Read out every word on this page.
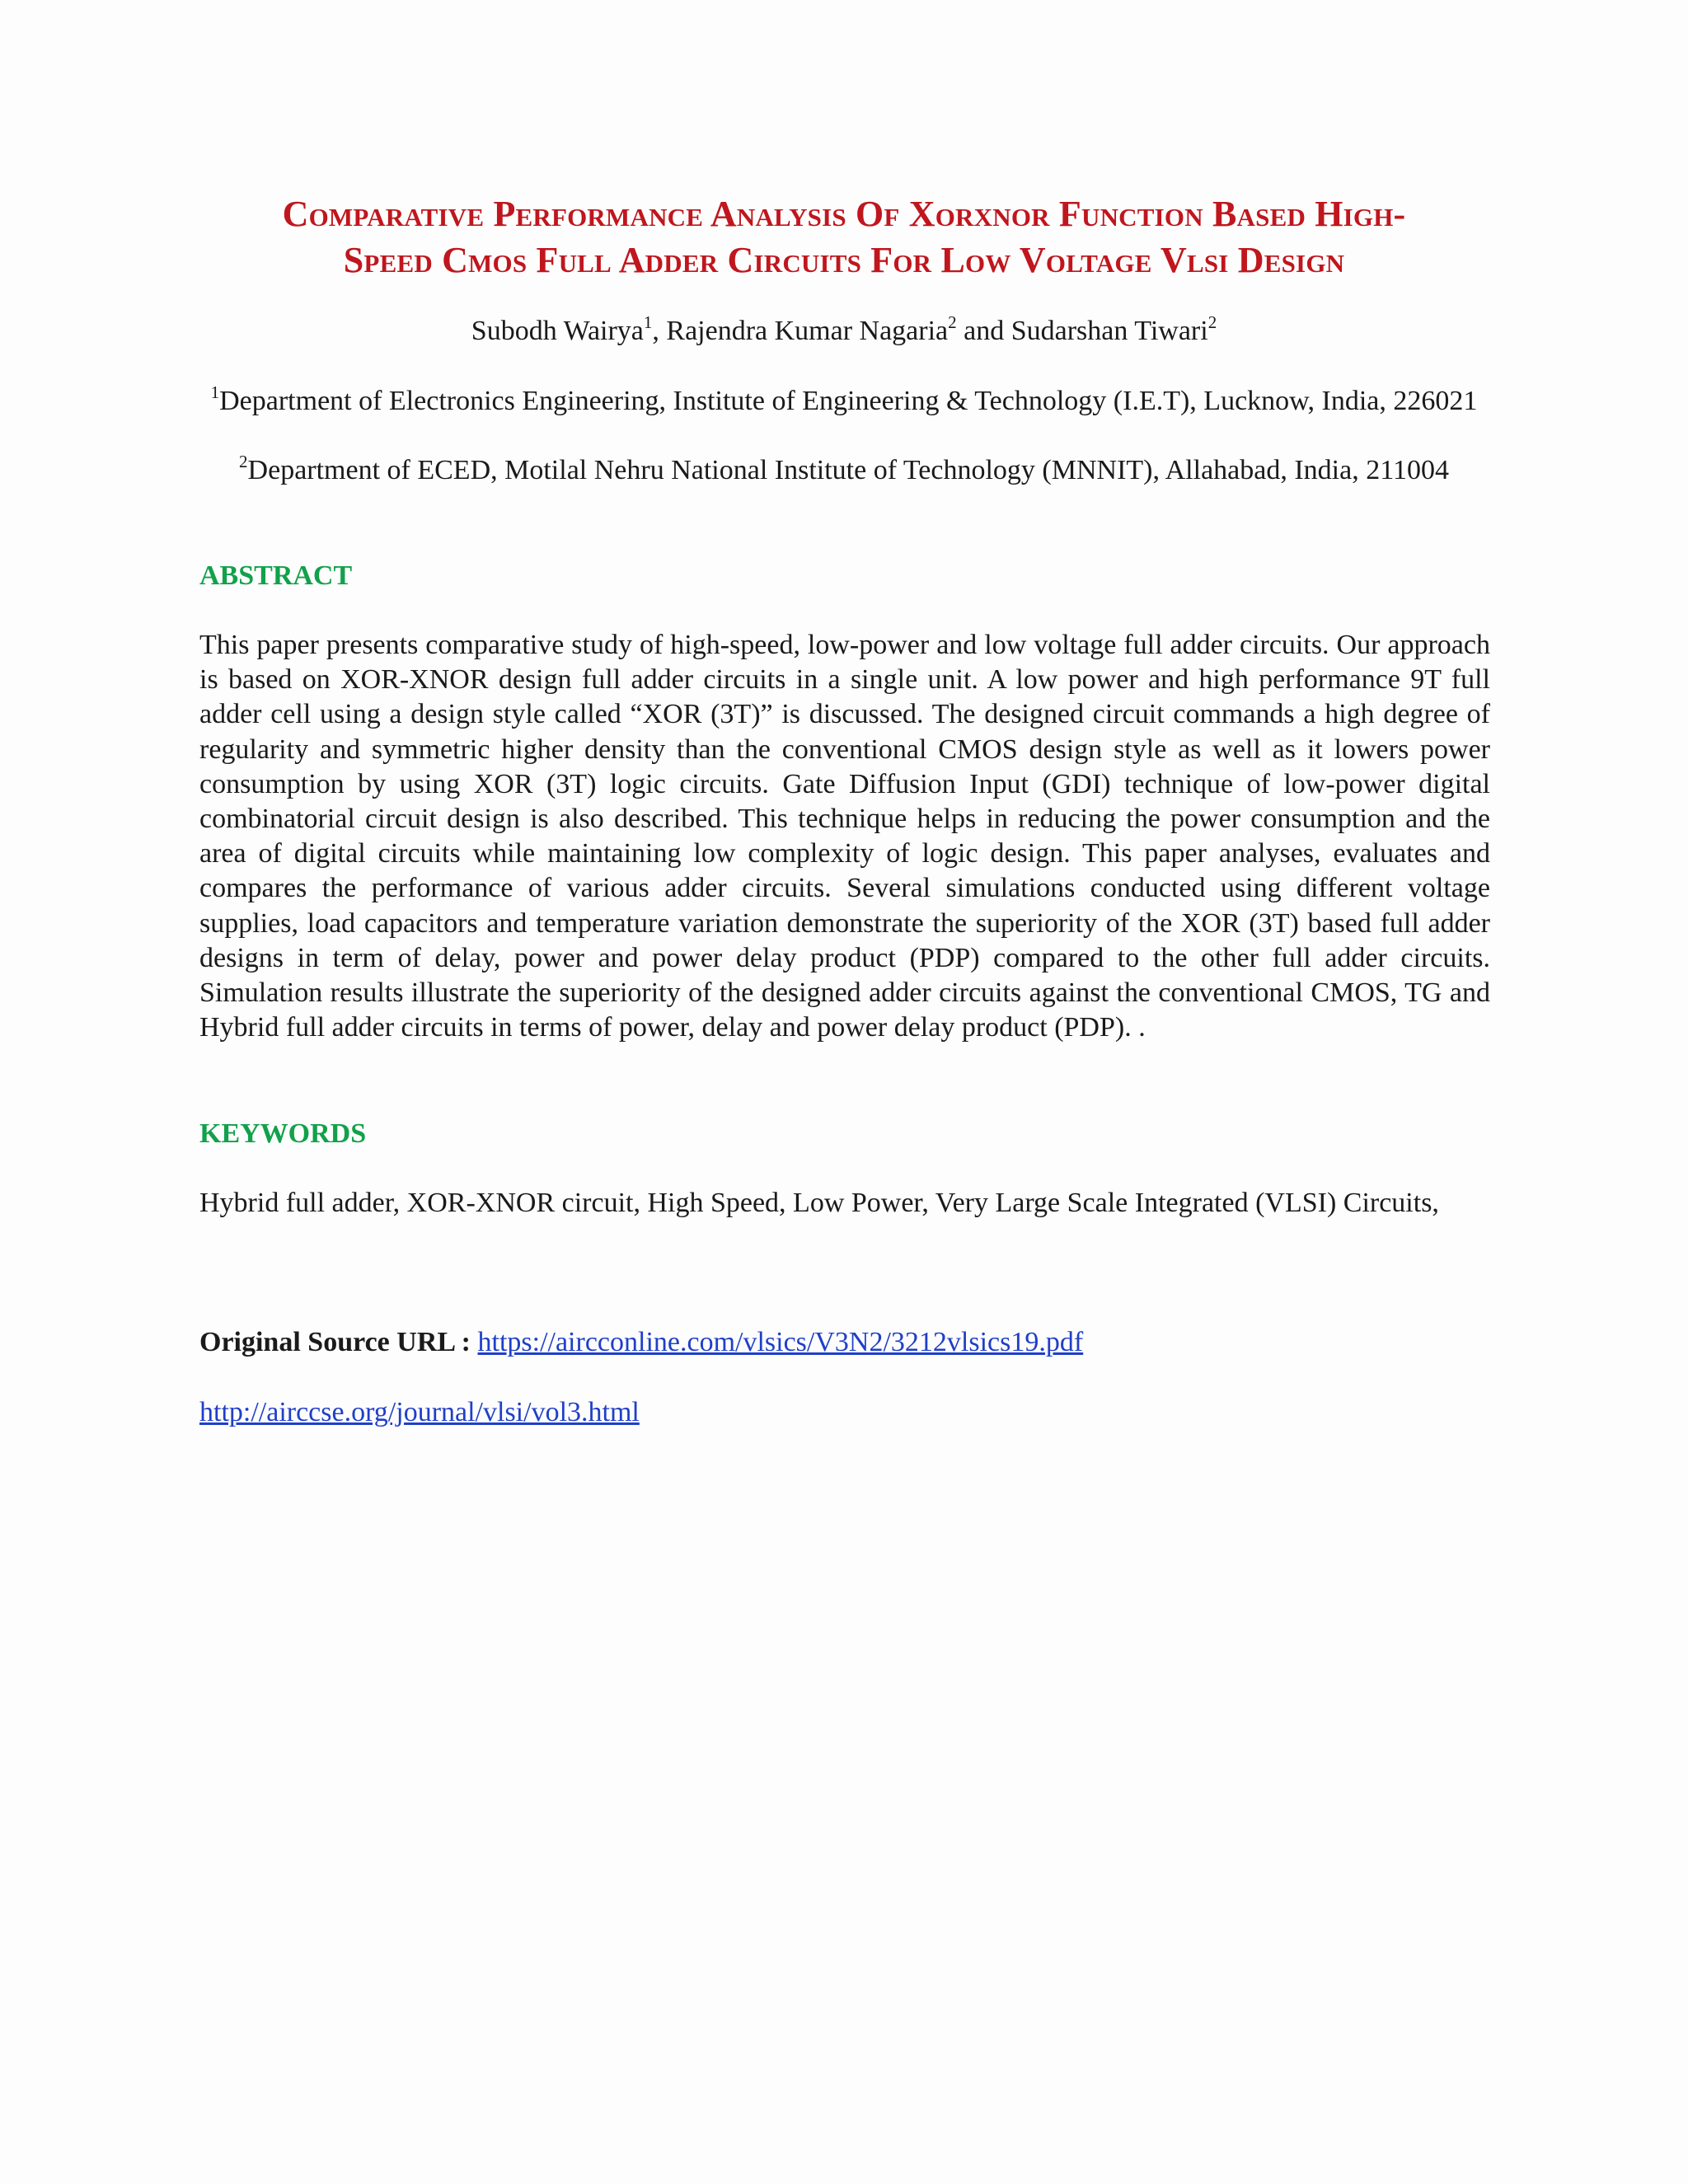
Comparative Performance Analysis Of Xorxnor Function Based High-
Speed Cmos Full Adder Circuits For Low Voltage Vlsi Design
Subodh Wairya$^1$, Rajendra Kumar Nagaria$^2$ and Sudarshan Tiwari$^2$
$^1$Department of Electronics Engineering, Institute of Engineering & Technology (I.E.T), Lucknow, India, 226021
$^2$Department of ECED, Motilal Nehru National Institute of Technology (MNNIT), Allahabad, India, 211004
ABSTRACT
This paper presents comparative study of high-speed, low-power and low voltage full adder circuits. Our approach is based on XOR-XNOR design full adder circuits in a single unit. A low power and high performance 9T full adder cell using a design style called “XOR (3T)” is discussed. The designed circuit commands a high degree of regularity and symmetric higher density than the conventional CMOS design style as well as it lowers power consumption by using XOR (3T) logic circuits. Gate Diffusion Input (GDI) technique of low-power digital combinatorial circuit design is also described. This technique helps in reducing the power consumption and the area of digital circuits while maintaining low complexity of logic design. This paper analyses, evaluates and compares the performance of various adder circuits. Several simulations conducted using different voltage supplies, load capacitors and temperature variation demonstrate the superiority of the XOR (3T) based full adder designs in term of delay, power and power delay product (PDP) compared to the other full adder circuits. Simulation results illustrate the superiority of the designed adder circuits against the conventional CMOS, TG and Hybrid full adder circuits in terms of power, delay and power delay product (PDP). .
KEYWORDS
Hybrid full adder, XOR-XNOR circuit, High Speed, Low Power, Very Large Scale Integrated (VLSI) Circuits,
Original Source URL : https://aircconline.com/vlsics/V3N2/3212vlsics19.pdf
http://airccse.org/journal/vlsi/vol3.html
